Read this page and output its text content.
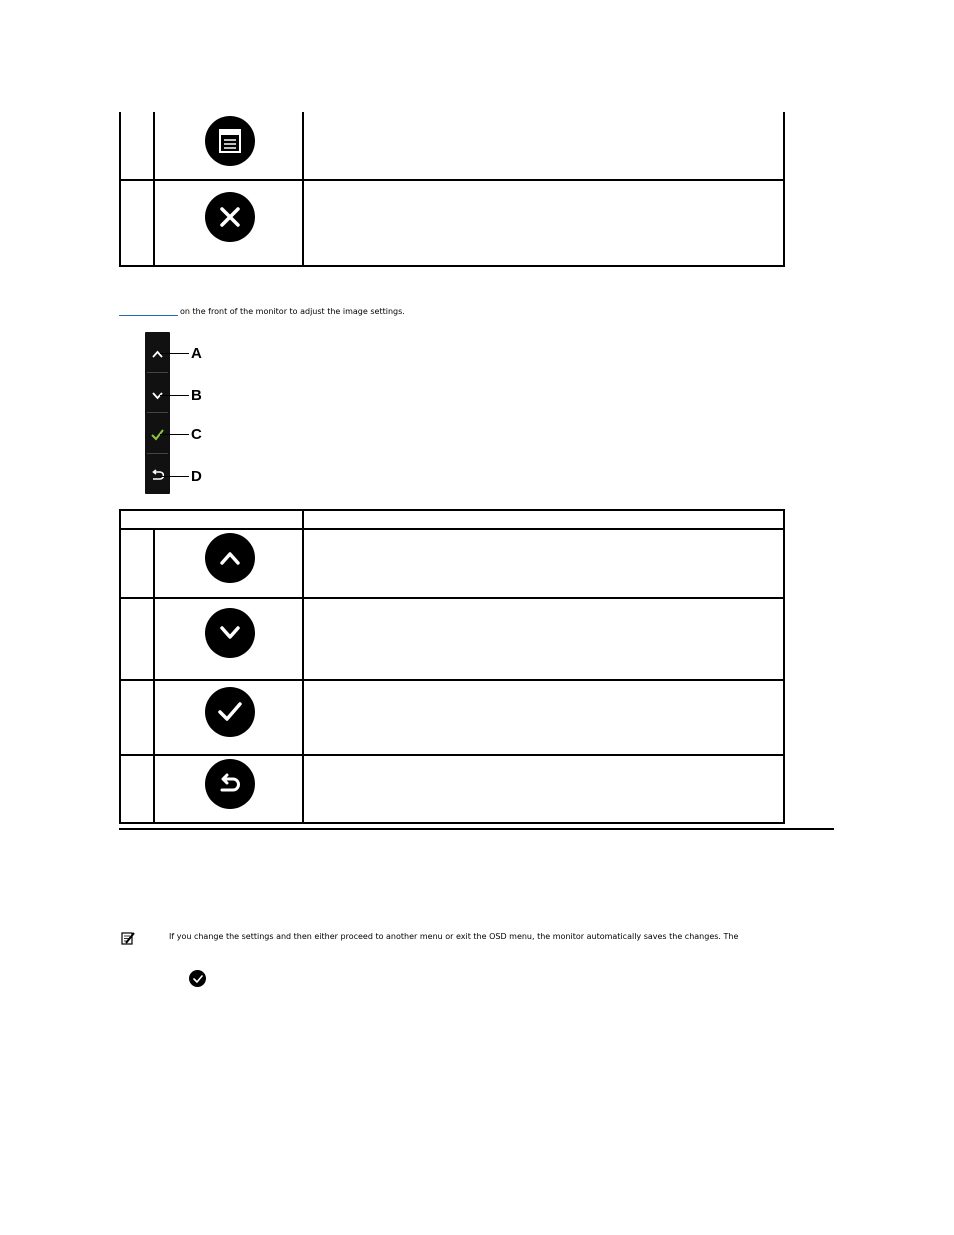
on the front of the monitor to adjust the image settings.
A
B
C
D
If you change the settings and then either proceed to another menu or exit the OSD menu, the monitor automatically saves the changes. The
